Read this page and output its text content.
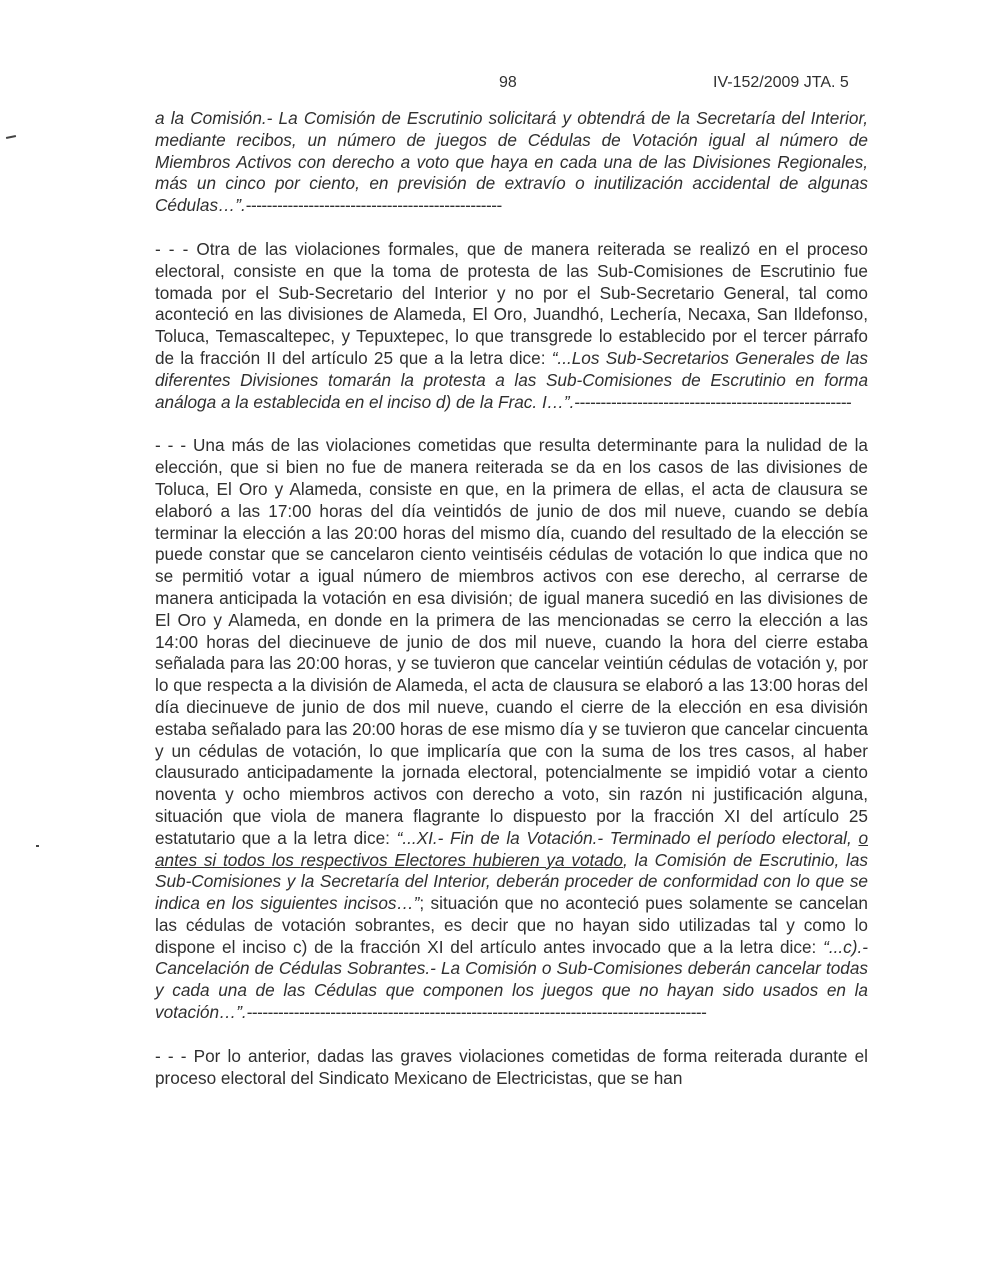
98	IV-152/2009 JTA. 5

a la Comisión.- La Comisión de Escrutinio solicitará y obtendrá de la Secretaría del Interior, mediante recibos, un número de juegos de Cédulas de Votación igual al número de Miembros Activos con derecho a voto que haya en cada una de las Divisiones Regionales, más un cinco por ciento, en previsión de extravío o inutilización accidental de algunas Cédulas…”.-------------------------------------------------

- - - Otra de las violaciones formales, que de manera reiterada se realizó en el proceso electoral, consiste en que la toma de protesta de las Sub-Comisiones de Escrutinio fue tomada por el Sub-Secretario del Interior y no por el Sub-Secretario General, tal como aconteció en las divisiones de Alameda, El Oro, Juandhó, Lechería, Necaxa, San Ildefonso, Toluca, Temascaltepec, y Tepuxtepec, lo que transgrede lo establecido por el tercer párrafo de la fracción II del artículo 25 que a la letra dice: “...Los Sub-Secretarios Generales de las diferentes Divisiones tomarán la protesta a las Sub-Comisiones de Escrutinio en forma análoga a la establecida en el inciso d) de la Frac. I…”.-----------------------------------------------------

- - - Una más de las violaciones cometidas que resulta determinante para la nulidad de la elección, que si bien no fue de manera reiterada se da en los casos de las divisiones de Toluca, El Oro y Alameda, consiste en que, en la primera de ellas, el acta de clausura se elaboró a las 17:00 horas del día veintidós de junio de dos mil nueve, cuando se debía terminar la elección a las 20:00 horas del mismo día, cuando del resultado de la elección se puede constar que se cancelaron ciento veintiséis cédulas de votación lo que indica que no se permitió votar a igual número de miembros activos con ese derecho, al cerrarse de manera anticipada la votación en esa división; de igual manera sucedió en las divisiones de El Oro y Alameda, en donde en la primera de las mencionadas se cerro la elección a las 14:00 horas del diecinueve de junio de dos mil nueve, cuando la hora del cierre estaba señalada para las 20:00 horas, y se tuvieron que cancelar veintiún cédulas de votación y, por lo que respecta a la división de Alameda, el acta de clausura se elaboró a las 13:00 horas del día diecinueve de junio de dos mil nueve, cuando el cierre de la elección en esa división estaba señalado para las 20:00 horas de ese mismo día y se tuvieron que cancelar cincuenta y un cédulas de votación, lo que implicaría que con la suma de los tres casos, al haber clausurado anticipadamente la jornada electoral, potencialmente se impidió votar a ciento noventa y ocho miembros activos con derecho a voto, sin razón ni justificación alguna, situación que viola de manera flagrante lo dispuesto por la fracción XI del artículo 25 estatutario que a la letra dice: “...XI.- Fin de la Votación.- Terminado el período electoral, o antes si todos los respectivos Electores hubieren ya votado, la Comisión de Escrutinio, las Sub-Comisiones y la Secretaría del Interior, deberán proceder de conformidad con lo que se indica en los siguientes incisos…”; situación que no aconteció pues solamente se cancelan las cédulas de votación sobrantes, es decir que no hayan sido utilizadas tal y como lo dispone el inciso c) de la fracción XI del artículo antes invocado que a la letra dice: “...c).- Cancelación de Cédulas Sobrantes.- La Comisión o Sub-Comisiones deberán cancelar todas y cada una de las Cédulas que componen los juegos que no hayan sido usados en la votación…”.----------------------------------------------------------------------------------------

- - - Por lo anterior, dadas las graves violaciones cometidas de forma reiterada durante el proceso electoral del Sindicato Mexicano de Electricistas, que se han
